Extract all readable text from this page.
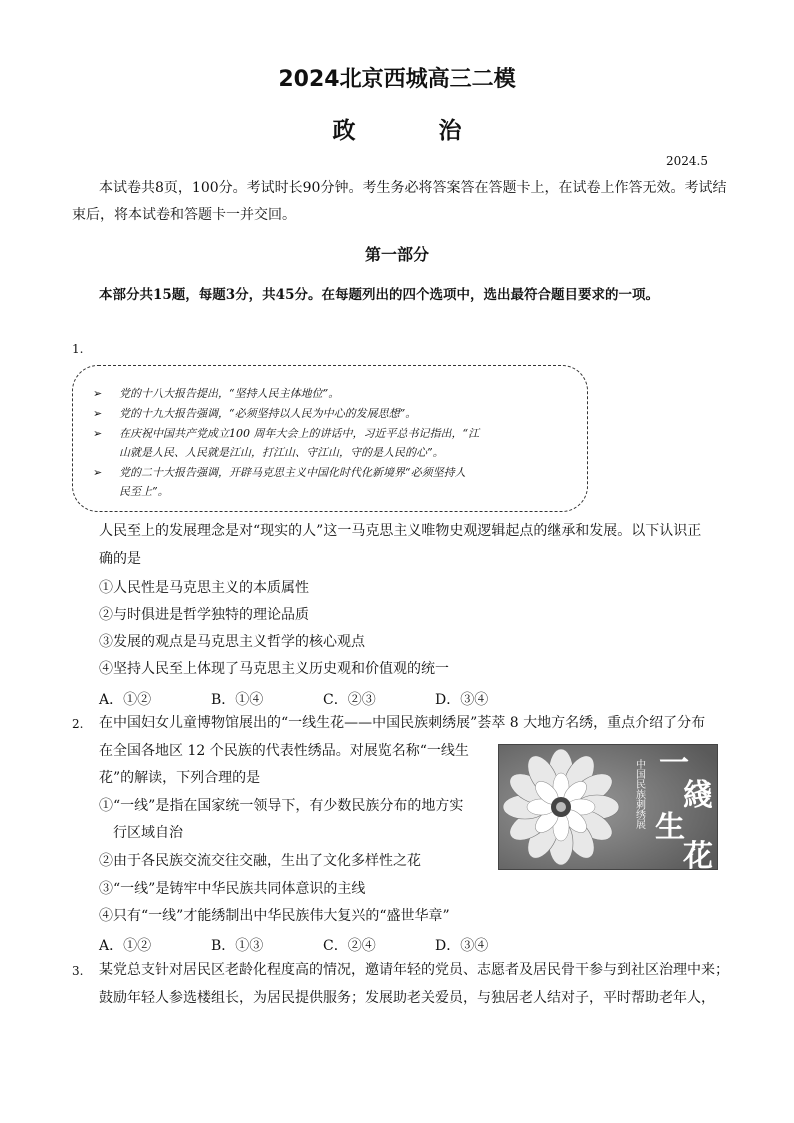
2024北京西城高三二模
政　治
2024.5
本试卷共8页，100分。考试时长90分钟。考生务必将答案答在答题卡上，在试卷上作答无效。考试结
束后，将本试卷和答题卡一并交回。
第一部分
本部分共15题，每题3分，共45分。在每题列出的四个选项中，选出最符合题目要求的一项。
1.
➢ 党的十八大报告提出，“坚持人民主体地位”。
➢ 党的十九大报告强调，“必须坚持以人民为中心的发展思想”。
➢ 在庆祝中国共产党成立100 周年大会上的讲话中，习近平总书记指出，“江
山就是人民、人民就是江山，打江山、守江山，守的是人民的心”。
➢ 党的二十大报告强调，开辟马克思主义中国化时代化新境界“必须坚持人
民至上”。
人民至上的发展理念是对“现实的人”这一马克思主义唯物史观逻辑起点的继承和发展。以下认识正
确的是
①人民性是马克思主义的本质属性
②与时俱进是哲学独特的理论品质
③发展的观点是马克思主义哲学的核心观点
④坚持人民至上体现了马克思主义历史观和价值观的统一
A．①②	B．①④	C．②③	D．③④
2. 在中国妇女儿童博物馆展出的“一线生花——中国民族刺绣展”荟萃 8 大地方名绣，重点介绍了分布
在全国各地区 12 个民族的代表性绣品。对展览名称“一线生
花”的解读，下列合理的是
①“一线”是指在国家统一领导下，有少数民族分布的地方实
行区域自治
②由于各民族交流交往交融，生出了文化多样性之花
③“一线”是铸牢中华民族共同体意识的主线
④只有“一线”才能绣制出中华民族伟大复兴的“盛世华章”
A．①②	B．①③	C．②④	D．③④
中国民族刺绣展 一
綫
生
花
3. 某党总支针对居民区老龄化程度高的情况，邀请年轻的党员、志愿者及居民骨干参与到社区治理中来；
鼓励年轻人参选楼组长，为居民提供服务；发展助老关爱员，与独居老人结对子，平时帮助老年人，
